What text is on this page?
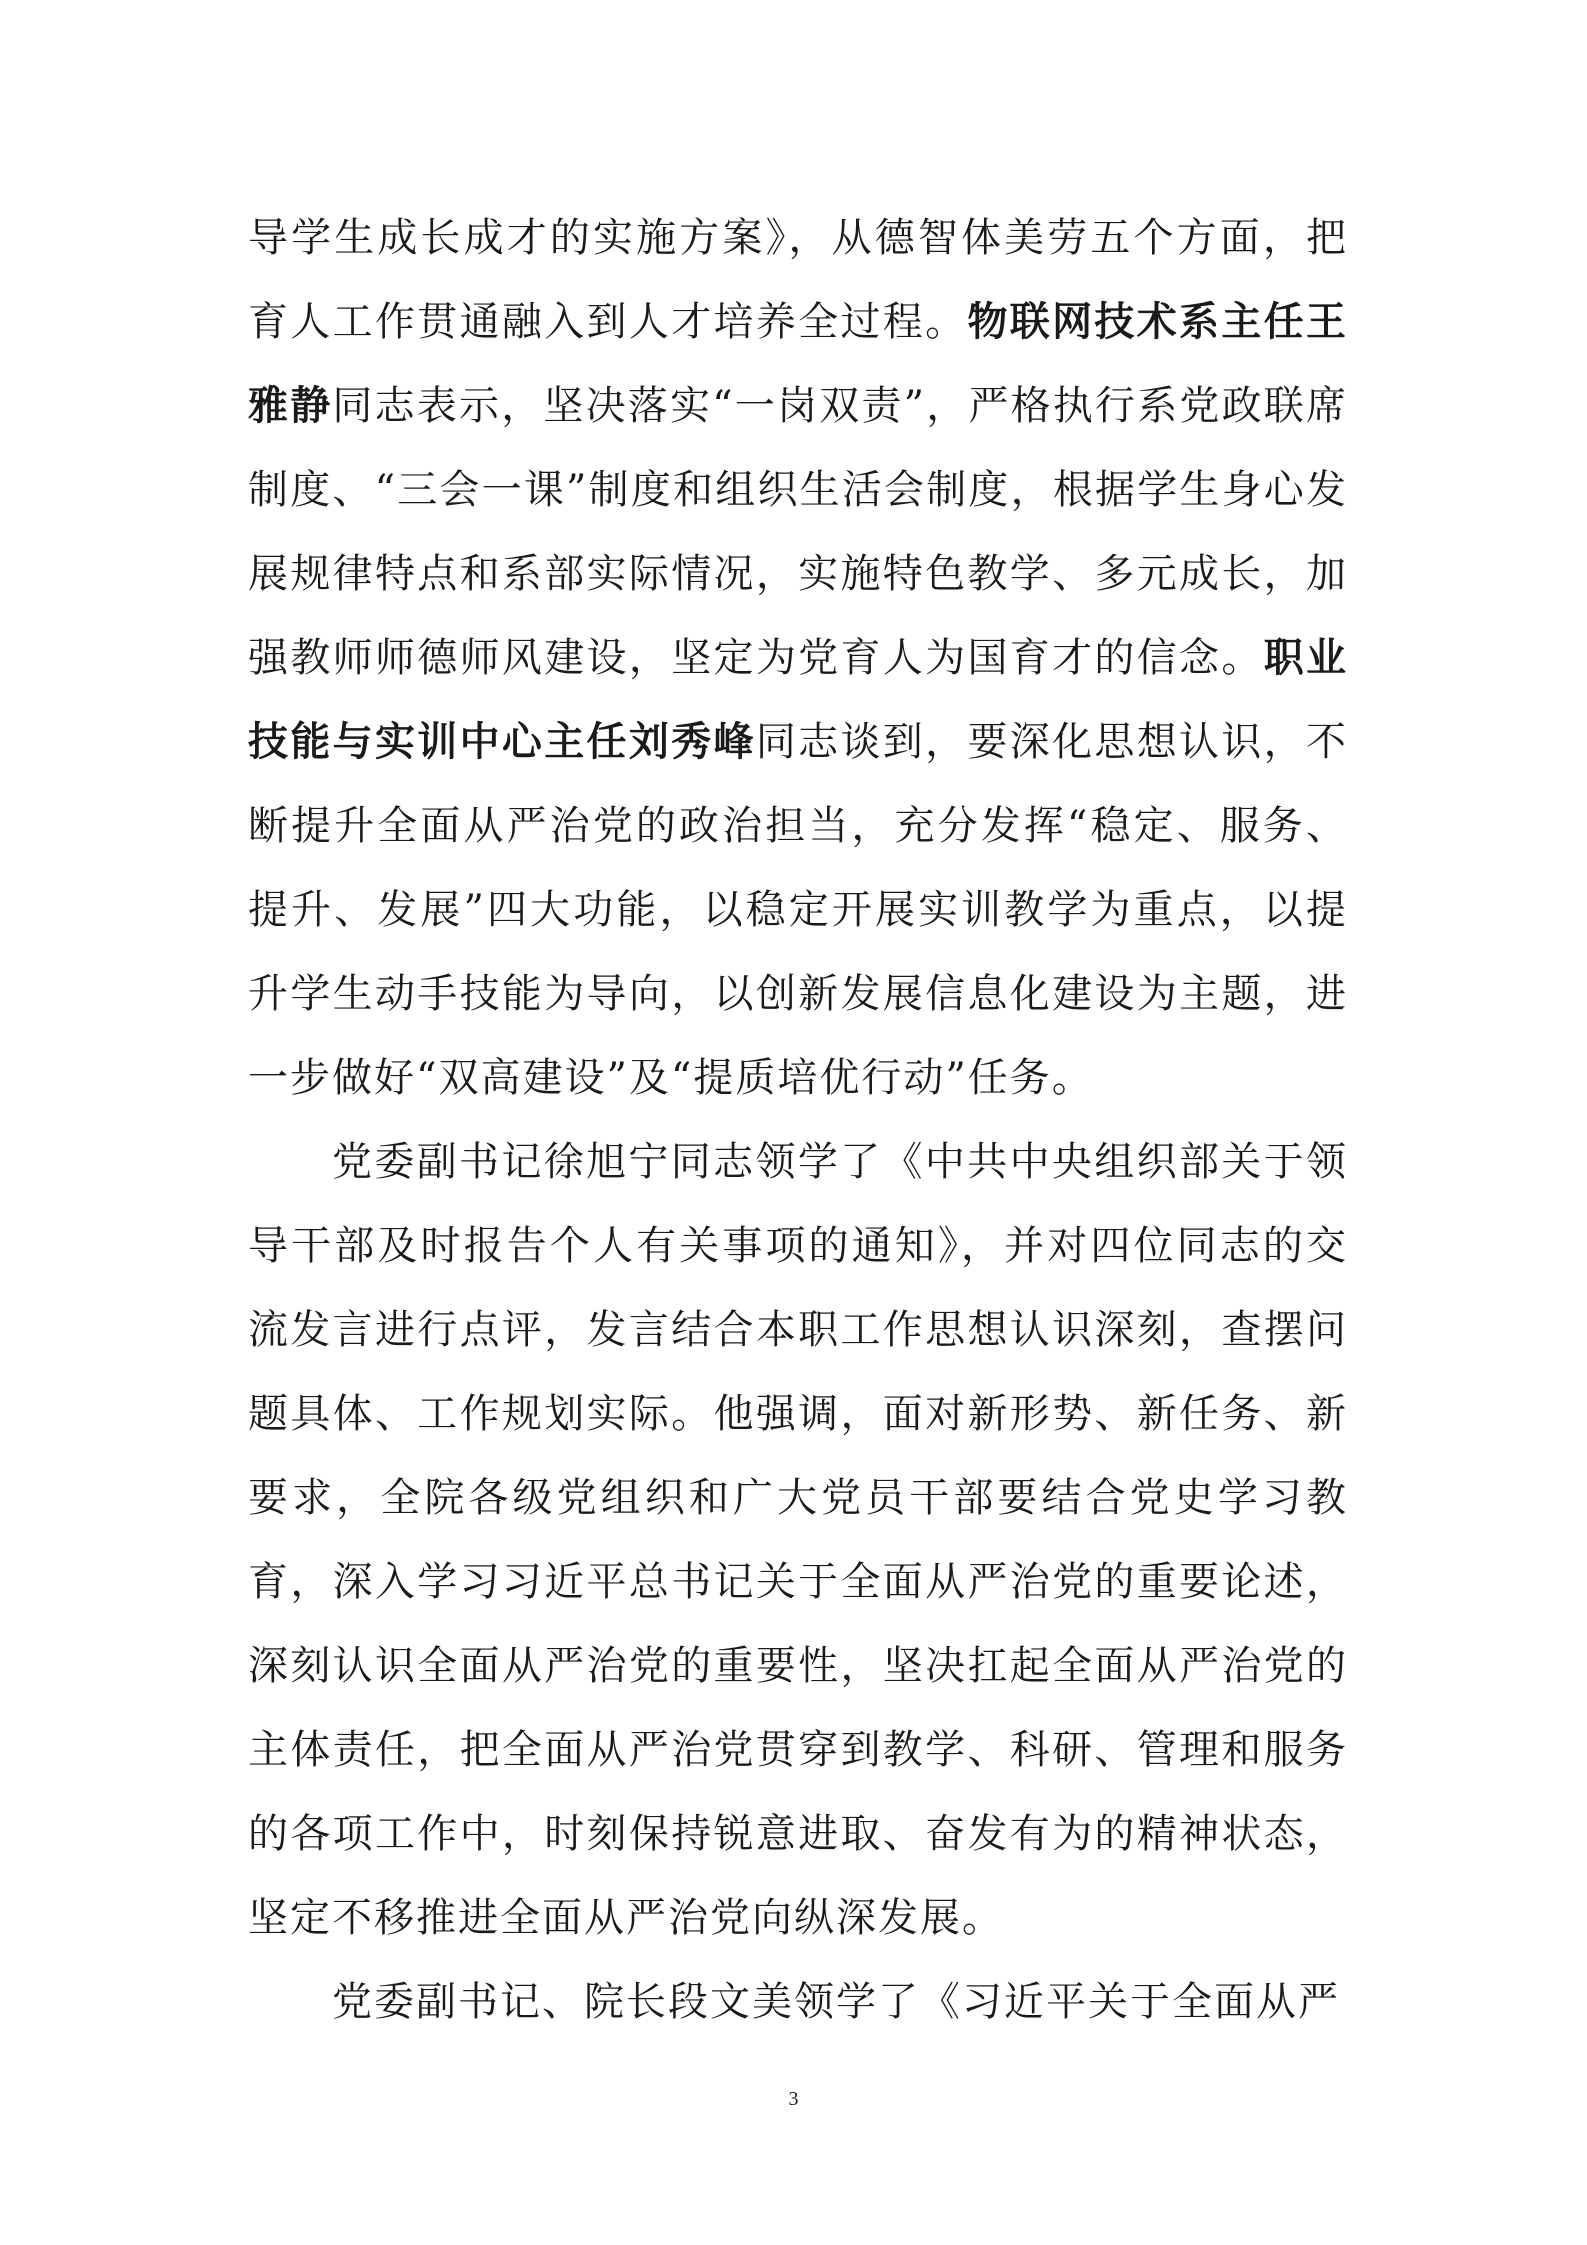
导学生成长成才的实施方案》，从德智体美劳五个方面，把育人工作贯通融入到人才培养全过程。物联网技术系主任王雅静同志表示，坚决落实“一岗双责”，严格执行系党政联席制度、“三会一课”制度和组织生活会制度，根据学生身心发展规律特点和系部实际情况，实施特色教学、多元成长，加强教师师德师风建设，坚定为党育人为国育才的信念。职业技能与实训中心主任刘秀峰同志谈到，要深化思想认识，不断提升全面从严治党的政治担当，充分发挥“稳定、服务、提升、发展”四大功能，以稳定开展实训教学为重点，以提升学生动手技能为导向，以创新发展信息化建设为主题，进一步做好“双高建设”及“提质培优行动”任务。

党委副书记徐旭宁同志领学了《中共中央组织部关于领导干部及时报告个人有关事项的通知》，并对四位同志的交流发言进行点评，发言结合本职工作思想认识深刻，查摆问题具体、工作规划实际。他强调，面对新形势、新任务、新要求，全院各级党组织和广大党员干部要结合党史学习教育，深入学习习近平总书记关于全面从严治党的重要论述，深刻认识全面从严治党的重要性，坚决扛起全面从严治党的主体责任，把全面从严治党贯穿到教学、科研、管理和服务的各项工作中，时刻保持锐意进取、奋发有为的精神状态，坚定不移推进全面从严治党向纵深发展。

党委副书记、院长段文美领学了《习近平关于全面从严

3
